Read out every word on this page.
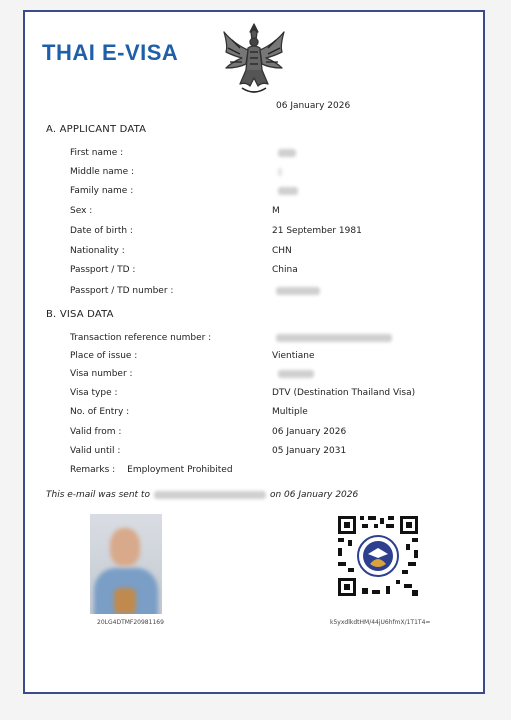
THAI E-VISA
06 January 2026
A. APPLICANT DATA
First name :
Middle name :
Family name :
Sex :	M
Date of birth :	21 September 1981
Nationality :	CHN
Passport / TD :	China
Passport / TD number :
B. VISA DATA
Transaction reference number :
Place of issue :	Vientiane
Visa number :
Visa type :	DTV (Destination Thailand Visa)
No. of Entry :	Multiple
Valid from :	06 January 2026
Valid until :	05 January 2031
Remarks : Employment Prohibited
This e-mail was sent to	on 06 January 2026
20LG4DTMF20981169	k5yxdlkdtHM/44jU6hfmX/1T1T4=
